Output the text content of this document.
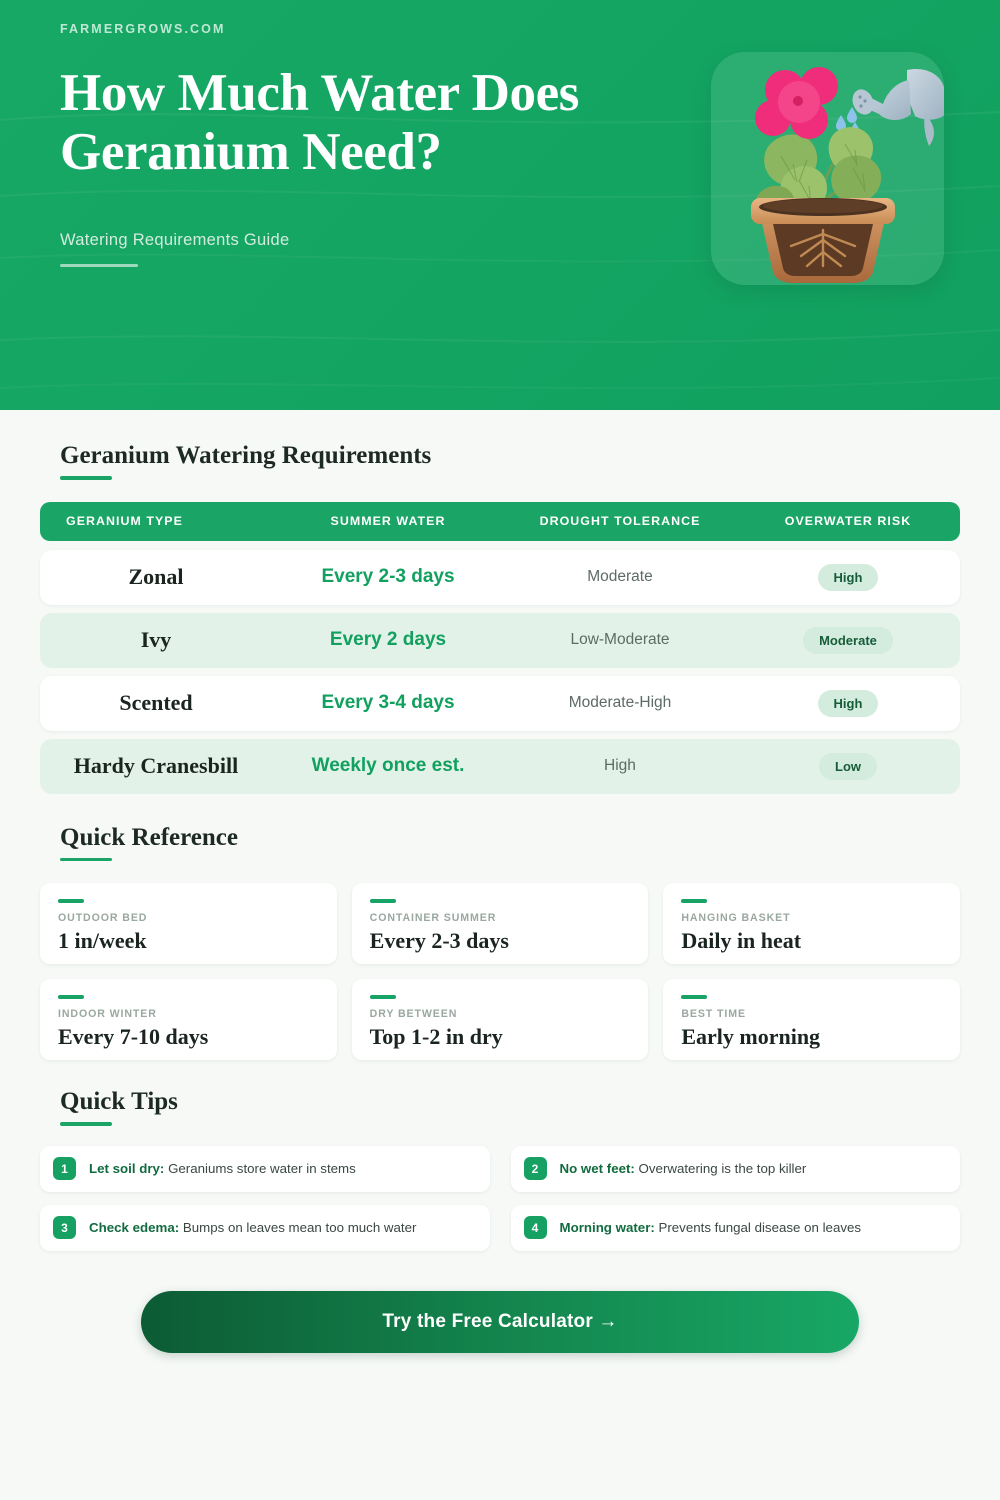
FARMERGROWS.COM
How Much Water Does Geranium Need?
Watering Requirements Guide
Geranium Watering Requirements
GERANIUM TYPE	SUMMER WATER	DROUGHT TOLERANCE	OVERWATER RISK
Zonal	Every 2-3 days	Moderate	High
Ivy	Every 2 days	Low-Moderate	Moderate
Scented	Every 3-4 days	Moderate-High	High
Hardy Cranesbill	Weekly once est.	High	Low
Quick Reference
OUTDOOR BED
1 in/week
CONTAINER SUMMER
Every 2-3 days
HANGING BASKET
Daily in heat
INDOOR WINTER
Every 7-10 days
DRY BETWEEN
Top 1-2 in dry
BEST TIME
Early morning
Quick Tips
1	Let soil dry: Geraniums store water in stems	2	No wet feet: Overwatering is the top killer
3	Check edema: Bumps on leaves mean too much water	4	Morning water: Prevents fungal disease on leaves
Try the Free Calculator →
